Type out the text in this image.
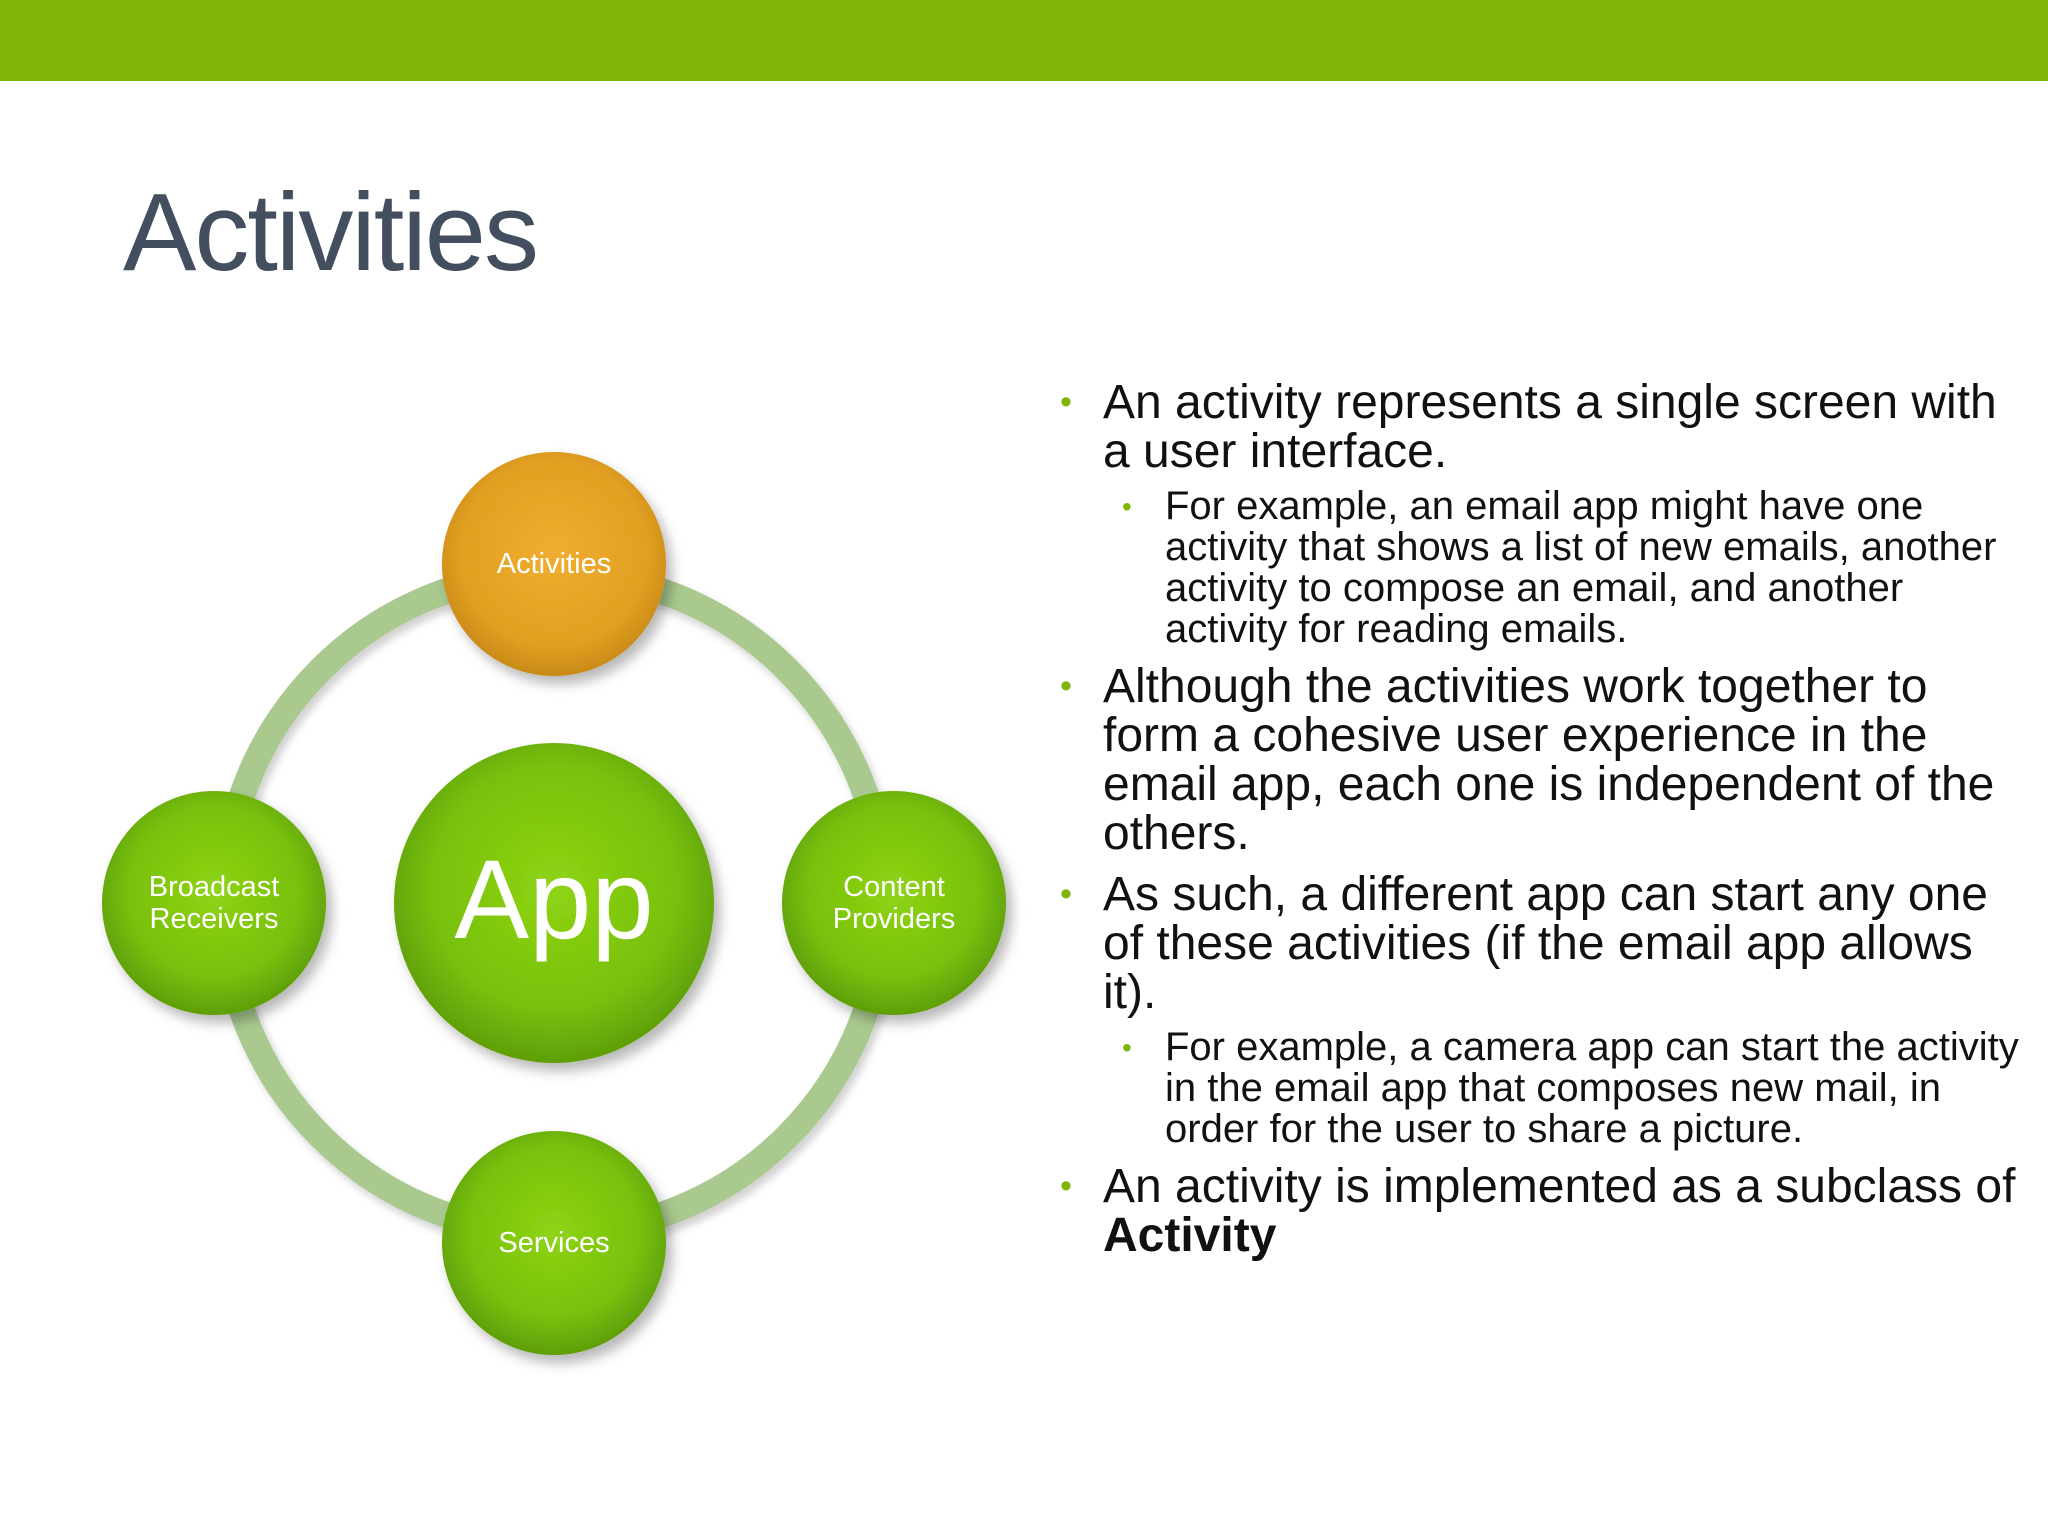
Activities
App
Activities
Content
Providers
Services
Broadcast
Receivers
• An activity represents a single screen with a user interface.
• For example, an email app might have one activity that shows a list of new emails, another activity to compose an email, and another activity for reading emails.
• Although the activities work together to form a cohesive user experience in the email app, each one is independent of the others.
• As such, a different app can start any one of these activities (if the email app allows it).
• For example, a camera app can start the activity in the email app that composes new mail, in order for the user to share a picture.
• An activity is implemented as a subclass of Activity
